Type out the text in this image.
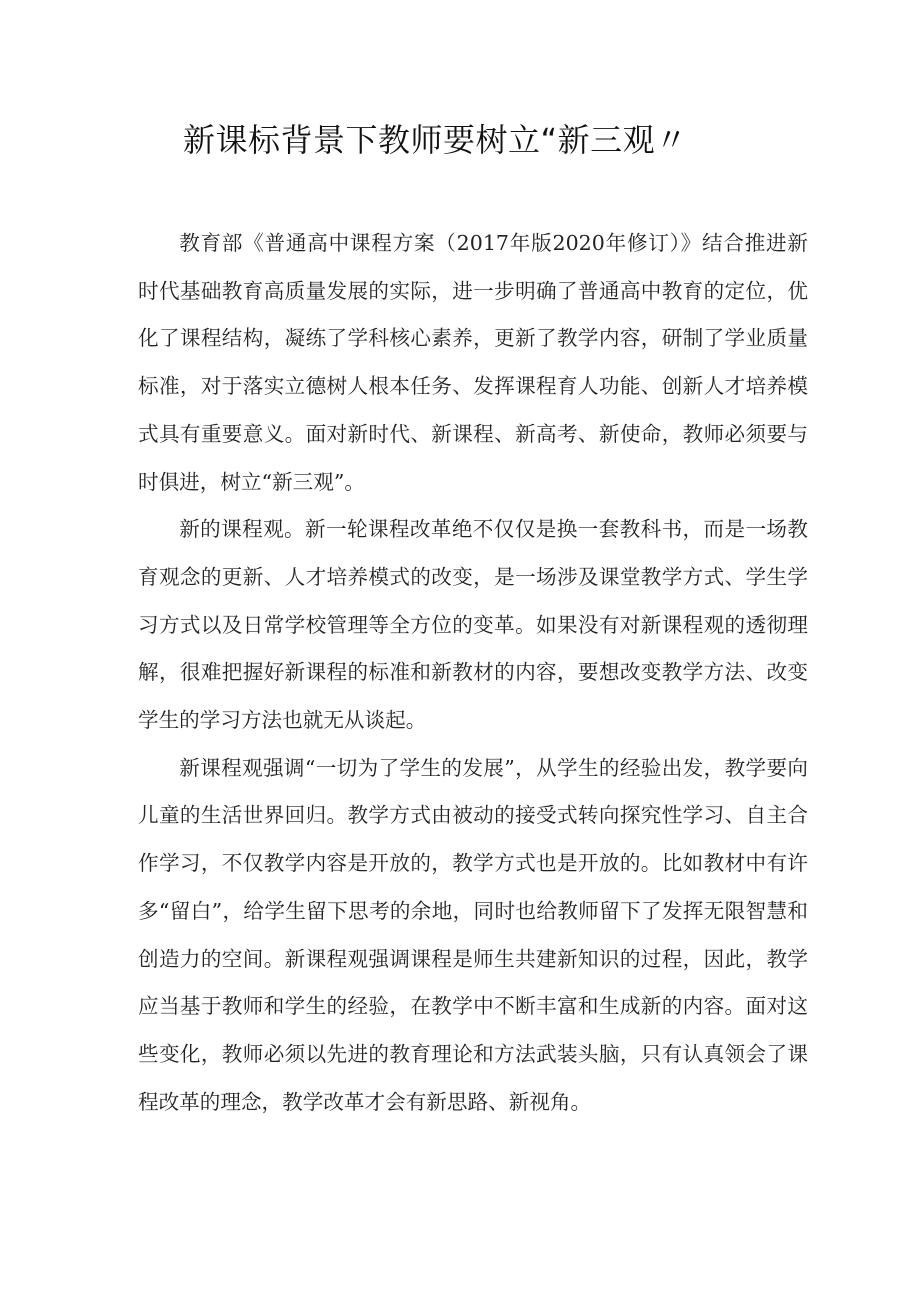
新课标背景下教师要树立“新三观〃

教育部《普通高中课程方案（2017年版2020年修订）》结合推进新时代基础教育高质量发展的实际，进一步明确了普通高中教育的定位，优化了课程结构，凝练了学科核心素养，更新了教学内容，研制了学业质量标准，对于落实立德树人根本任务、发挥课程育人功能、创新人才培养模式具有重要意义。面对新时代、新课程、新高考、新使命，教师必须要与时俱进，树立“新三观”。

新的课程观。新一轮课程改革绝不仅仅是换一套教科书，而是一场教育观念的更新、人才培养模式的改变，是一场涉及课堂教学方式、学生学习方式以及日常学校管理等全方位的变革。如果没有对新课程观的透彻理解，很难把握好新课程的标准和新教材的内容，要想改变教学方法、改变学生的学习方法也就无从谈起。

新课程观强调“一切为了学生的发展”，从学生的经验出发，教学要向儿童的生活世界回归。教学方式由被动的接受式转向探究性学习、自主合作学习，不仅教学内容是开放的，教学方式也是开放的。比如教材中有许多“留白”，给学生留下思考的余地，同时也给教师留下了发挥无限智慧和创造力的空间。新课程观强调课程是师生共建新知识的过程，因此，教学应当基于教师和学生的经验，在教学中不断丰富和生成新的内容。面对这些变化，教师必须以先进的教育理论和方法武装头脑，只有认真领会了课程改革的理念，教学改革才会有新思路、新视角。
